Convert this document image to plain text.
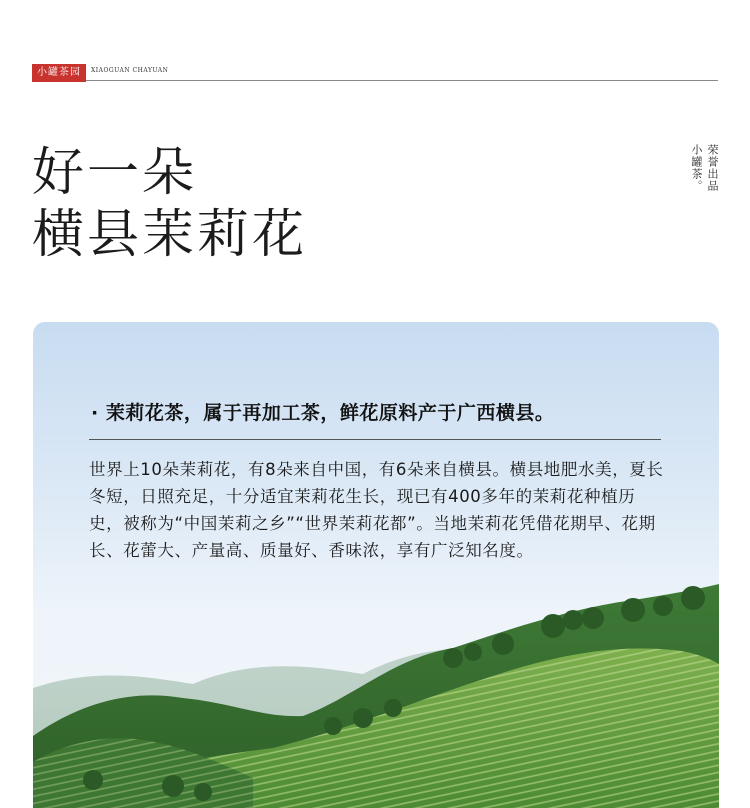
小罐茶园	XIAOGUAN CHAYUAN
好一朵
横县茉莉花
荣誉出品
小罐茶。
· 茉莉花茶，属于再加工茶，鲜花原料产于广西横县。
世界上10朵茉莉花，有8朵来自中国，有6朵来自横县。横县地肥水美，夏长冬短，日照充足，十分适宜茉莉花生长，现已有400多年的茉莉花种植历史，被称为“中国茉莉之乡”“世界茉莉花都”。当地茉莉花凭借花期早、花期长、花蕾大、产量高、质量好、香味浓，享有广泛知名度。
